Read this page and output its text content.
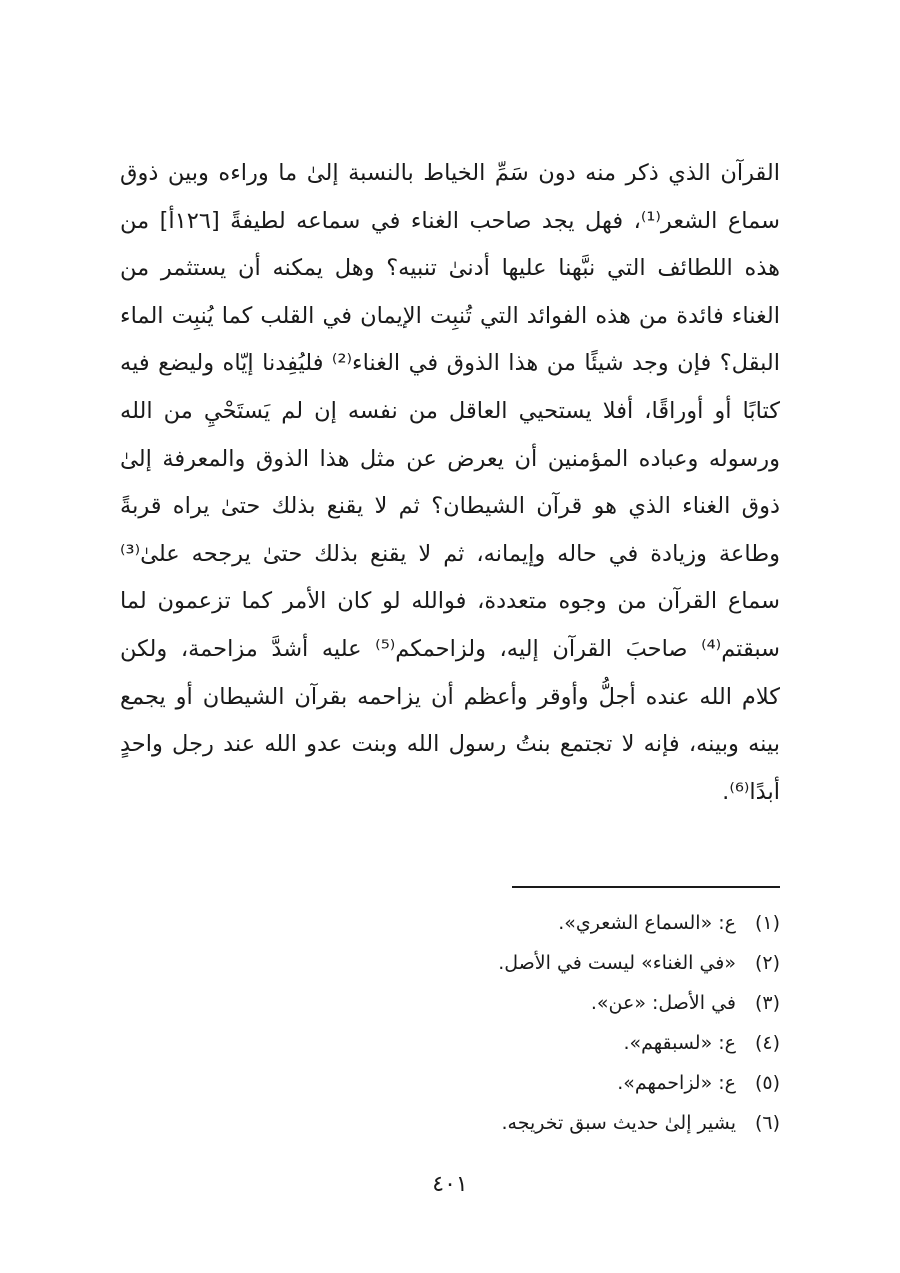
القرآن الذي ذكر منه دون سَمِّ الخياط بالنسبة إلىٰ ما وراءه وبين ذوق
سماع الشعر⁽¹⁾، فهل يجد صاحب الغناء في سماعه لطيفةً [١٢٦أ] من
هذه اللطائف التي نبَّهنا عليها أدنىٰ تنبيه؟ وهل يمكنه أن يستثمر من
الغناء فائدة من هذه الفوائد التي تُنبِت الإيمان في القلب كما يُنبِت الماء
البقل؟ فإن وجد شيئًا من هذا الذوق في الغناء⁽²⁾ فليُفِدنا إيّاه وليضع فيه
كتابًا أو أوراقًا، أفلا يستحيي العاقل من نفسه إن لم يَستَحْيِ من الله
ورسوله وعباده المؤمنين أن يعرض عن مثل هذا الذوق والمعرفة إلىٰ
ذوق الغناء الذي هو قرآن الشيطان؟ ثم لا يقنع بذلك حتىٰ يراه قربةً
وطاعة وزيادة في حاله وإيمانه، ثم لا يقنع بذلك حتىٰ يرجحه علىٰ⁽³⁾
سماع القرآن من وجوه متعددة، فوالله لو كان الأمر كما تزعمون لما
سبقتم⁽⁴⁾ صاحبَ القرآن إليه، ولزاحمكم⁽⁵⁾ عليه أشدَّ مزاحمة، ولكن
كلام الله عنده أجلُّ وأوقر وأعظم أن يزاحمه بقرآن الشيطان أو يجمع
بينه وبينه، فإنه لا تجتمع بنتُ رسول الله وبنت عدو الله عند رجل واحدٍ
أبدًا⁽⁶⁾.
(١)ع: «السماع الشعري».
(٢)«في الغناء» ليست في الأصل.
(٣)في الأصل: «عن».
(٤)ع: «لسبقهم».
(٥)ع: «لزاحمهم».
(٦)يشير إلىٰ حديث سبق تخريجه.
٤٠١
